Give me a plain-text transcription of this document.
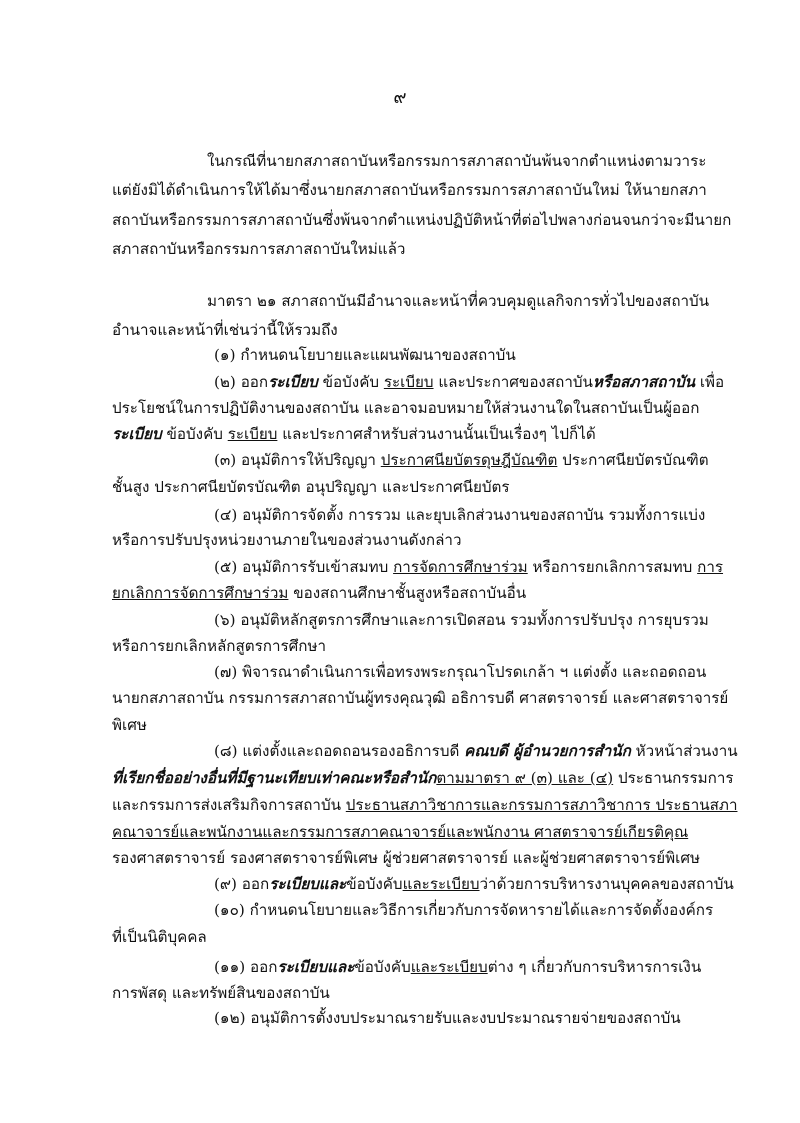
๙
ในกรณีที่นายกสภาสถาบันหรือกรรมการสภาสถาบันพ้นจากตำแหน่งตามวาระ
แต่ยังมิได้ดำเนินการให้ได้มาซึ่งนายกสภาสถาบันหรือกรรมการสภาสถาบันใหม่ ให้นายกสภา
สถาบันหรือกรรมการสภาสถาบันซึ่งพ้นจากตำแหน่งปฏิบัติหน้าที่ต่อไปพลางก่อนจนกว่าจะมีนายก
สภาสถาบันหรือกรรมการสภาสถาบันใหม่แล้ว
มาตรา ๒๑ สภาสถาบันมีอำนาจและหน้าที่ควบคุมดูแลกิจการทั่วไปของสถาบัน
อำนาจและหน้าที่เช่นว่านี้ให้รวมถึง
(๑) กำหนดนโยบายและแผนพัฒนาของสถาบัน
(๒) ออกระเบียบ ข้อบังคับ ระเบียบ และประกาศของสถาบันหรือสภาสถาบัน เพื่อ
ประโยชน์ในการปฏิบัติงานของสถาบัน และอาจมอบหมายให้ส่วนงานใดในสถาบันเป็นผู้ออก
ระเบียบ ข้อบังคับ ระเบียบ และประกาศสำหรับส่วนงานนั้นเป็นเรื่องๆ ไปก็ได้
(๓) อนุมัติการให้ปริญญา ประกาศนียบัตรดุษฎีบัณฑิต ประกาศนียบัตรบัณฑิต
ชั้นสูง ประกาศนียบัตรบัณฑิต อนุปริญญา และประกาศนียบัตร
(๔) อนุมัติการจัดตั้ง การรวม และยุบเลิกส่วนงานของสถาบัน รวมทั้งการแบ่ง
หรือการปรับปรุงหน่วยงานภายในของส่วนงานดังกล่าว
(๕) อนุมัติการรับเข้าสมทบ การจัดการศึกษาร่วม หรือการยกเลิกการสมทบ การ
ยกเลิกการจัดการศึกษาร่วม ของสถานศึกษาชั้นสูงหรือสถาบันอื่น
(๖) อนุมัติหลักสูตรการศึกษาและการเปิดสอน รวมทั้งการปรับปรุง การยุบรวม
หรือการยกเลิกหลักสูตรการศึกษา
(๗) พิจารณาดำเนินการเพื่อทรงพระกรุณาโปรดเกล้า ฯ แต่งตั้ง และถอดถอน
นายกสภาสถาบัน กรรมการสภาสถาบันผู้ทรงคุณวุฒิ อธิการบดี ศาสตราจารย์ และศาสตราจารย์
พิเศษ
(๘) แต่งตั้งและถอดถอนรองอธิการบดี คณบดี ผู้อำนวยการสำนัก หัวหน้าส่วนงาน
ที่เรียกชื่ออย่างอื่นที่มีฐานะเทียบเท่าคณะหรือสำนักตามมาตรา ๙ (๓) และ (๔) ประธานกรรมการ
และกรรมการส่งเสริมกิจการสถาบัน ประธานสภาวิชาการและกรรมการสภาวิชาการ ประธานสภา
คณาจารย์และพนักงานและกรรมการสภาคณาจารย์และพนักงาน ศาสตราจารย์เกียรติคุณ
รองศาสตราจารย์ รองศาสตราจารย์พิเศษ ผู้ช่วยศาสตราจารย์ และผู้ช่วยศาสตราจารย์พิเศษ
(๙) ออกระเบียบและข้อบังคับและระเบียบว่าด้วยการบริหารงานบุคคลของสถาบัน
(๑๐) กำหนดนโยบายและวิธีการเกี่ยวกับการจัดหารายได้และการจัดตั้งองค์กร
ที่เป็นนิติบุคคล
(๑๑) ออกระเบียบและข้อบังคับและระเบียบต่าง ๆ เกี่ยวกับการบริหารการเงิน
การพัสดุ และทรัพย์สินของสถาบัน
(๑๒) อนุมัติการตั้งงบประมาณรายรับและงบประมาณรายจ่ายของสถาบัน
